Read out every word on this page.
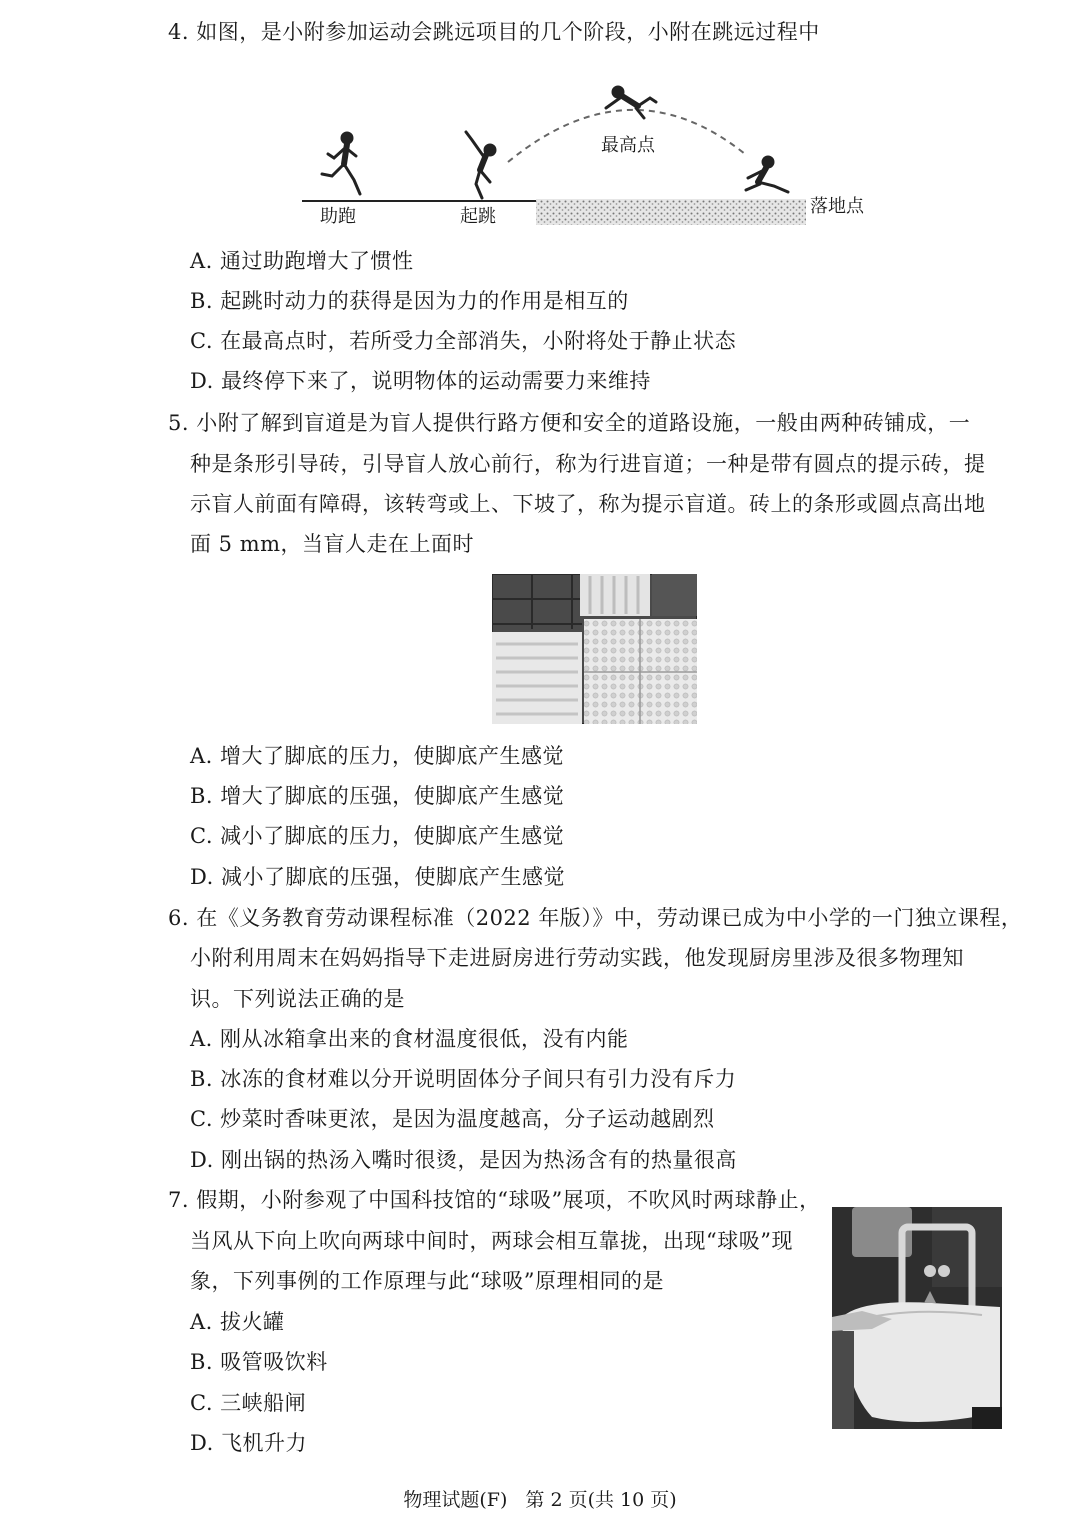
4. 如图，是小附参加运动会跳远项目的几个阶段，小附在跳远过程中
助跑	起跳
最高点
落地点
A. 通过助跑增大了惯性
B. 起跳时动力的获得是因为力的作用是相互的
C. 在最高点时，若所受力全部消失，小附将处于静止状态
D. 最终停下来了，说明物体的运动需要力来维持
5. 小附了解到盲道是为盲人提供行路方便和安全的道路设施，一般由两种砖铺成，一
种是条形引导砖，引导盲人放心前行，称为行进盲道；一种是带有圆点的提示砖，提
示盲人前面有障碍，该转弯或上、下坡了，称为提示盲道。砖上的条形或圆点高出地
面 5 mm，当盲人走在上面时
A. 增大了脚底的压力，使脚底产生感觉
B. 增大了脚底的压强，使脚底产生感觉
C. 减小了脚底的压力，使脚底产生感觉
D. 减小了脚底的压强，使脚底产生感觉
6. 在《义务教育劳动课程标准（2022 年版）》中，劳动课已成为中小学的一门独立课程，
小附利用周末在妈妈指导下走进厨房进行劳动实践，他发现厨房里涉及很多物理知
识。下列说法正确的是
A. 刚从冰箱拿出来的食材温度很低，没有内能
B. 冰冻的食材难以分开说明固体分子间只有引力没有斥力
C. 炒菜时香味更浓，是因为温度越高，分子运动越剧烈
D. 刚出锅的热汤入嘴时很烫，是因为热汤含有的热量很高
7. 假期，小附参观了中国科技馆的“球吸”展项，不吹风时两球静止，
当风从下向上吹向两球中间时，两球会相互靠拢，出现“球吸”现
象，下列事例的工作原理与此“球吸”原理相同的是
A. 拔火罐
B. 吸管吸饮料
C. 三峡船闸
D. 飞机升力
物理试题(F) 第 2 页(共 10 页)
